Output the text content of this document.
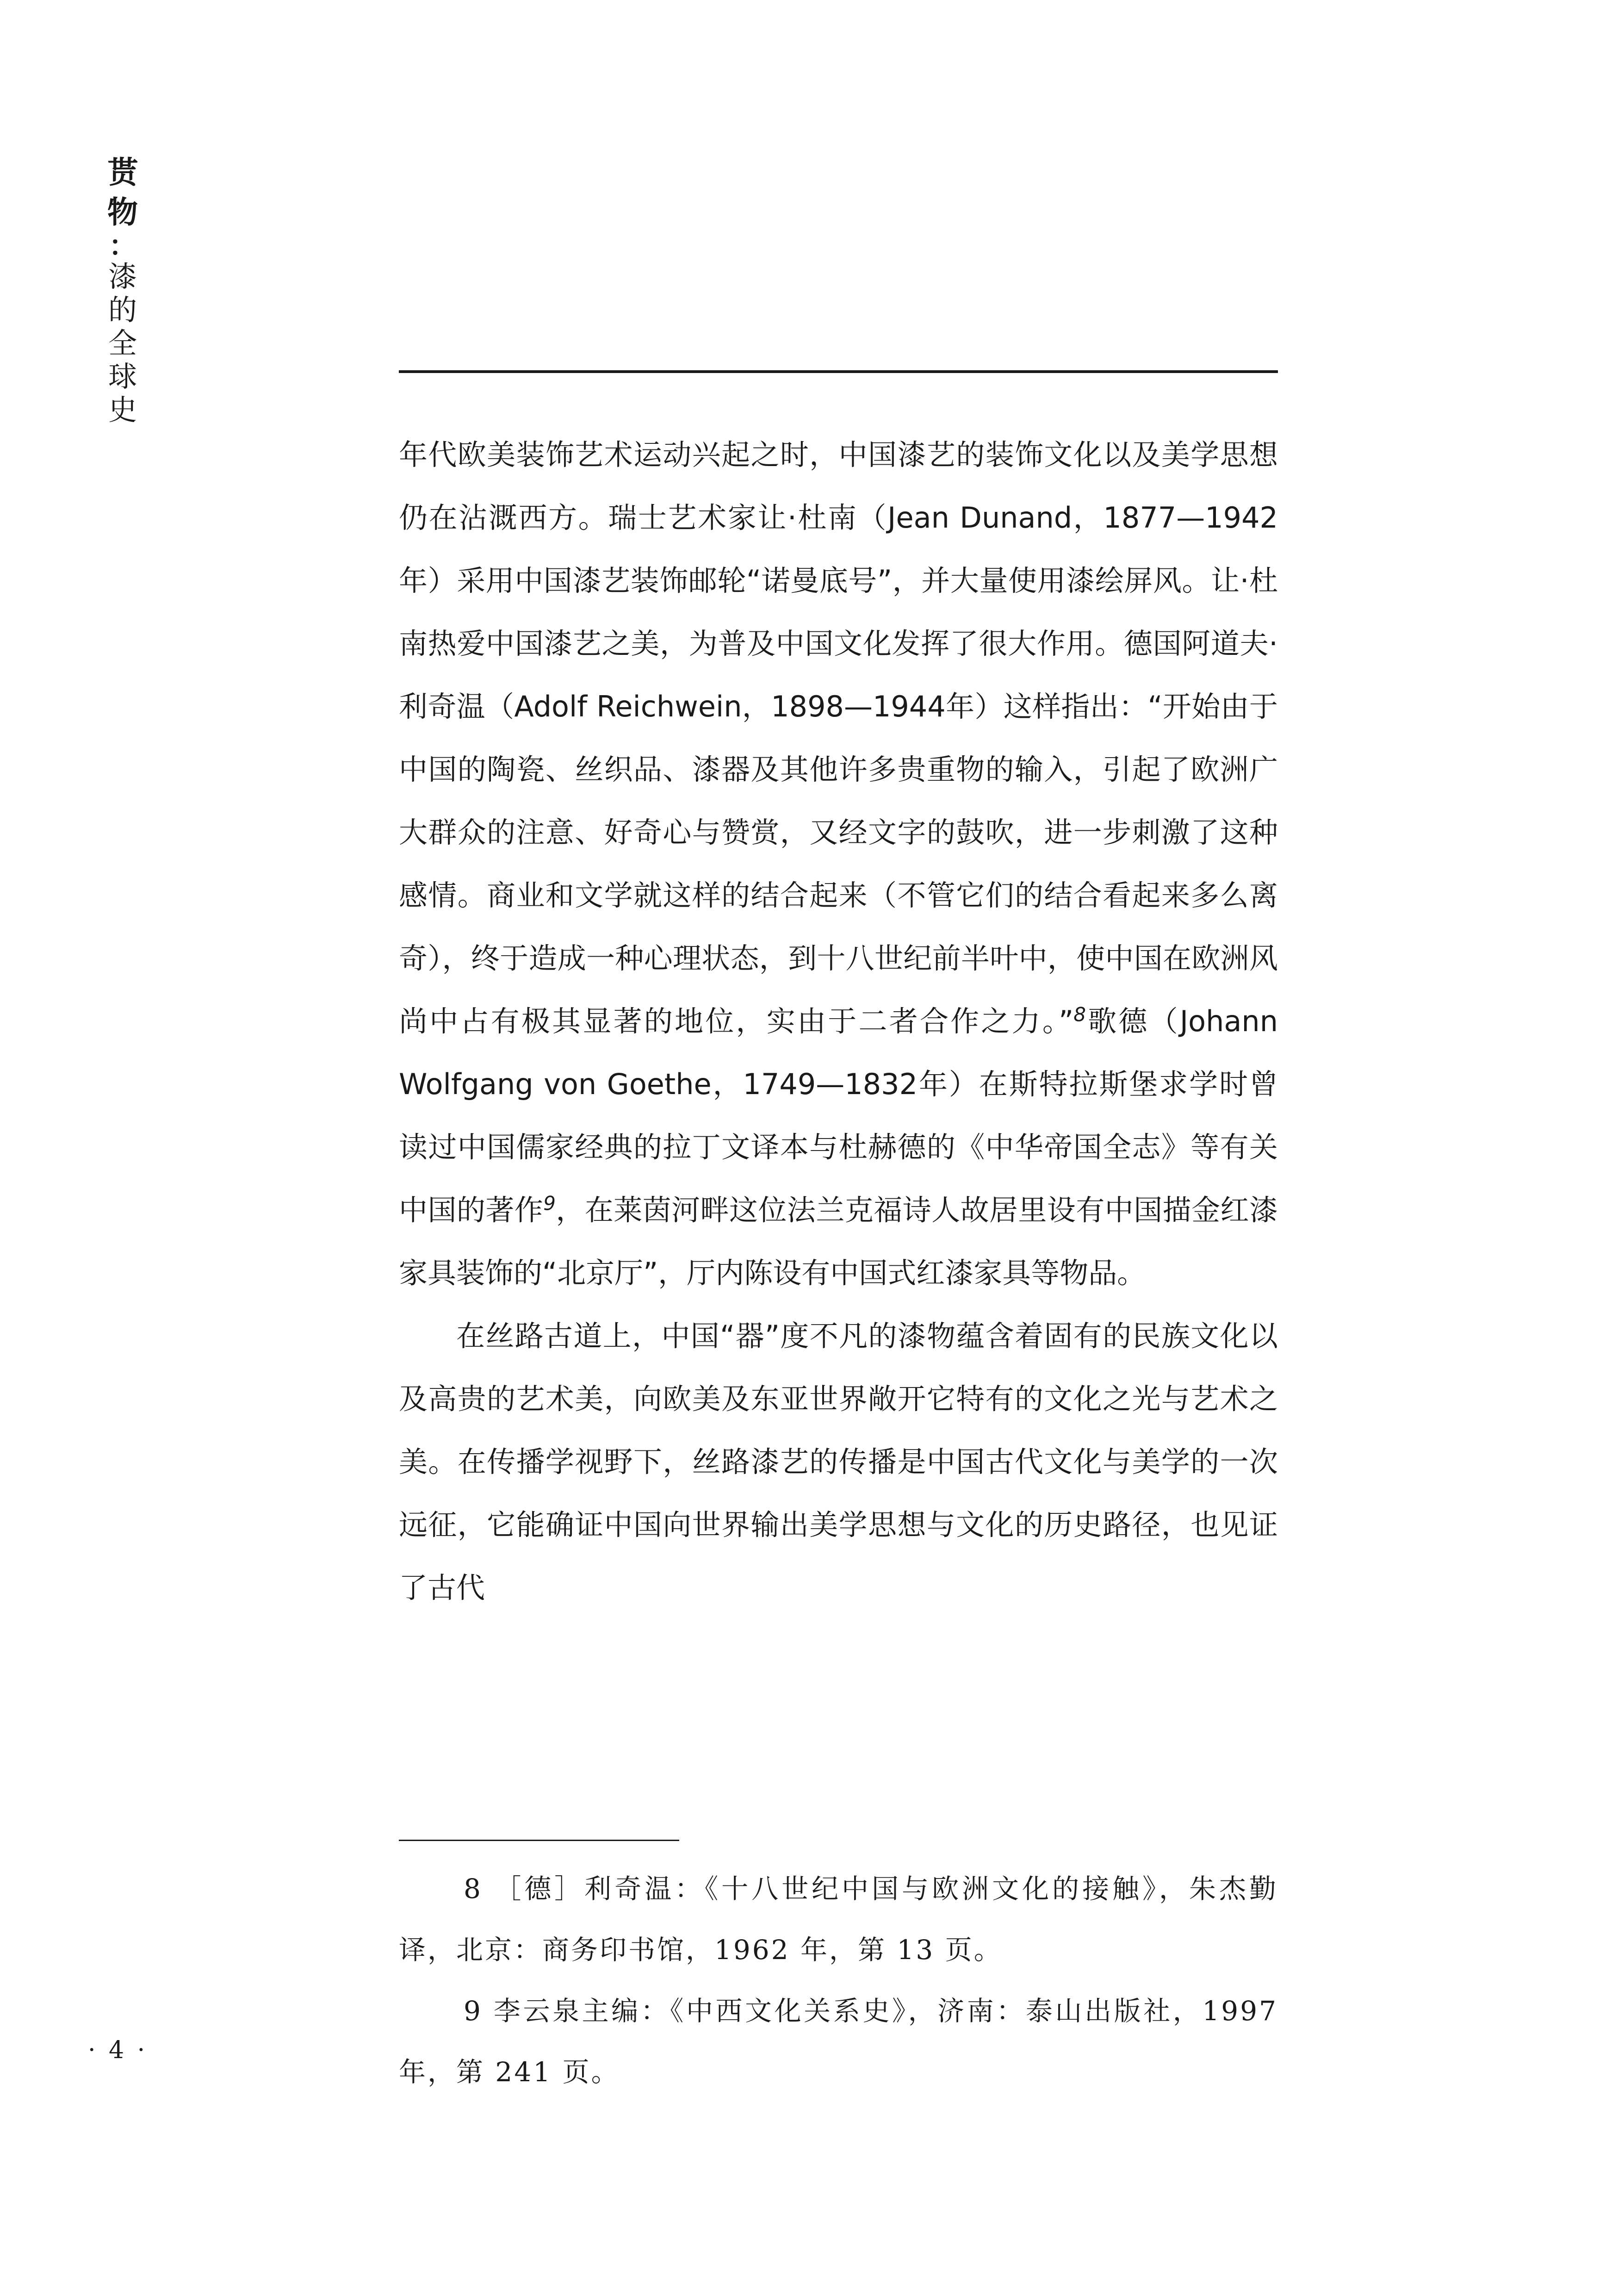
贳
物
：
漆
的
全
球
史

年代欧美装饰艺术运动兴起之时，中国漆艺的装饰文化以及美学思想仍在沾溉西方。瑞士艺术家让·杜南（Jean Dunand，1877—1942 年）采用中国漆艺装饰邮轮“诺曼底号”，并大量使用漆绘屏风。让·杜南热爱中国漆艺之美，为普及中国文化发挥了很大作用。德国阿道夫·利奇温（Adolf Reichwein，1898—1944年）这样指出：“开始由于中国的陶瓷、丝织品、漆器及其他许多贵重物的输入，引起了欧洲广大群众的注意、好奇心与赞赏，又经文字的鼓吹，进一步刺激了这种感情。商业和文学就这样的结合起来（不管它们的结合看起来多么离奇），终于造成一种心理状态，到十八世纪前半叶中，使中国在欧洲风尚中占有极其显著的地位，实由于二者合作之力。”$^8$歌德（Johann Wolfgang von Goethe，1749—1832年）在斯特拉斯堡求学时曾读过中国儒家经典的拉丁文译本与杜赫德的《中华帝国全志》等有关中国的著作$^9$，在莱茵河畔这位法兰克福诗人故居里设有中国描金红漆家具装饰的“北京厅”，厅内陈设有中国式红漆家具等物品。

在丝路古道上，中国“器”度不凡的漆物蕴含着固有的民族文化以及高贵的艺术美，向欧美及东亚世界敞开它特有的文化之光与艺术之美。在传播学视野下，丝路漆艺的传播是中国古代文化与美学的一次远征，它能确证中国向世界输出美学思想与文化的历史路径，也见证了古代

8 ［德］利奇温：《十八世纪中国与欧洲文化的接触》，朱杰勤译，北京：商务印书馆，1962 年，第 13 页。

9 李云泉主编：《中西文化关系史》，济南：泰山出版社，1997 年，第 241 页。

· 4 ·
